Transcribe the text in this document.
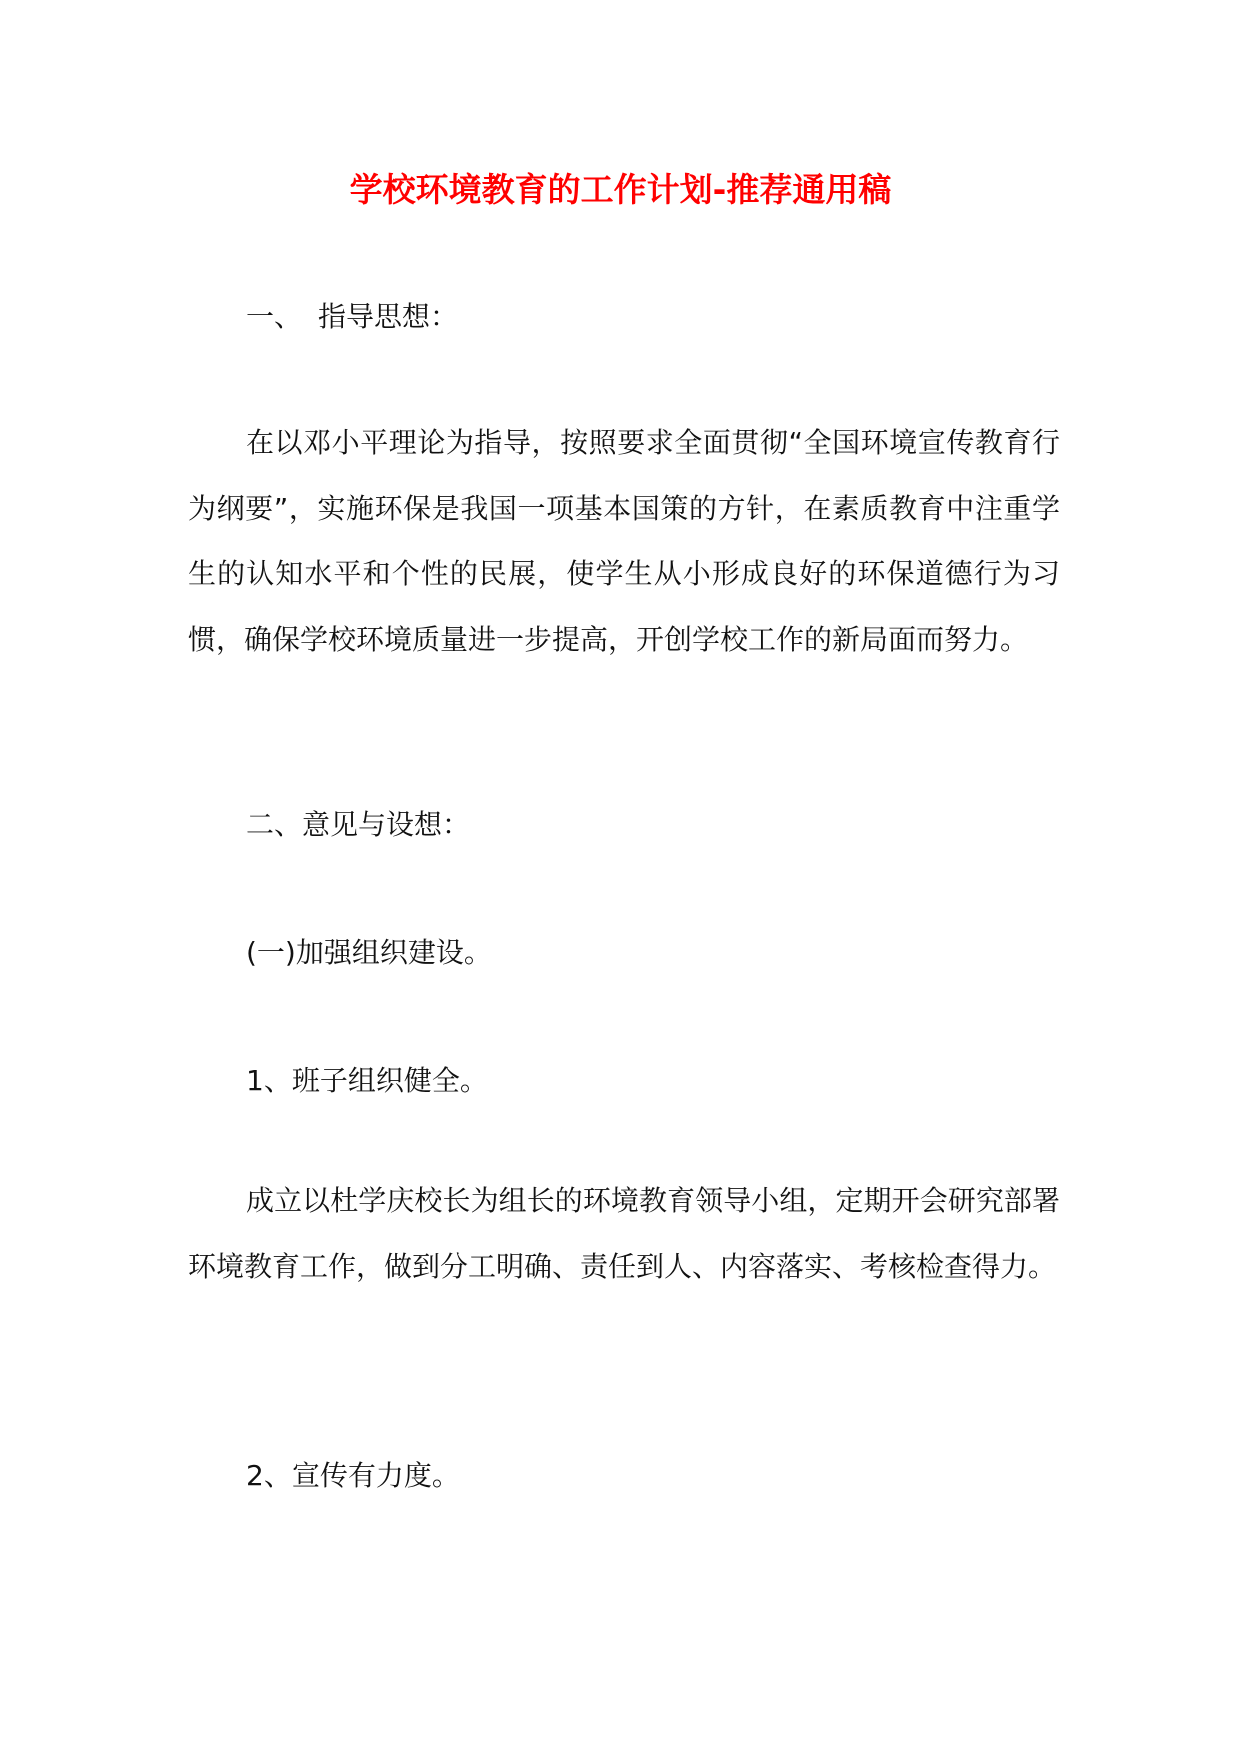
学校环境教育的工作计划-推荐通用稿

一、 指导思想：

在以邓小平理论为指导，按照要求全面贯彻“全国环境宣传教育行为纲要”，实施环保是我国一项基本国策的方针，在素质教育中注重学生的认知水平和个性的民展，使学生从小形成良好的环保道德行为习惯，确保学校环境质量进一步提高，开创学校工作的新局面而努力。

二、意见与设想：

(一)加强组织建设。

1、班子组织健全。

成立以杜学庆校长为组长的环境教育领导小组，定期开会研究部署环境教育工作，做到分工明确、责任到人、内容落实、考核检查得力。

2、宣传有力度。
